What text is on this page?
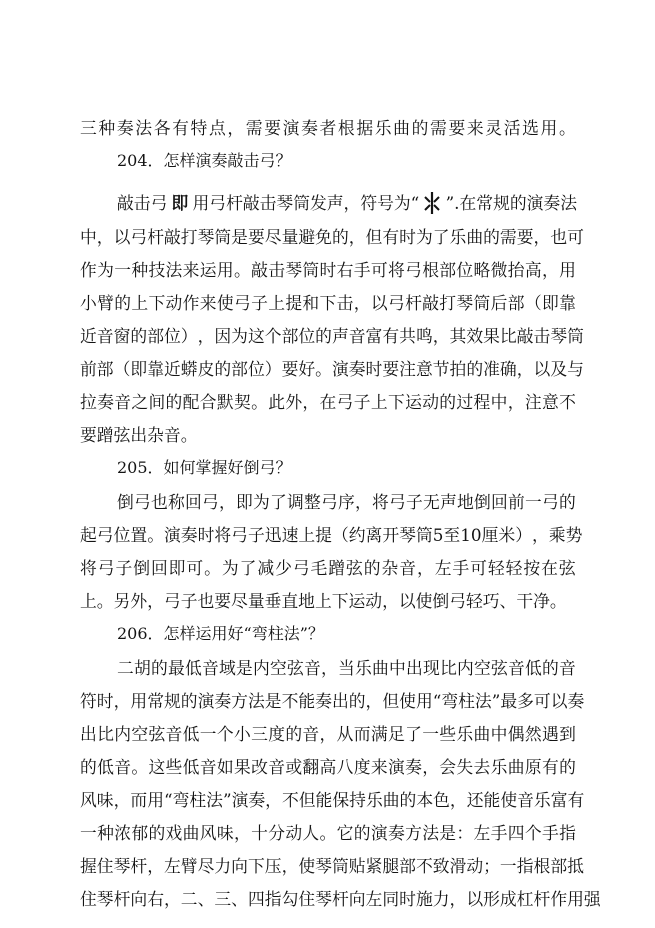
三 种 奏 法 各 有 特 点 ， 需 要 演 奏 者 根 据 乐 曲 的 需 要 来 灵 活 选 用 。
204．怎样演奏敲击弓？
敲击弓 即 用弓杆敲击琴筒发声，符号为“ ”.在常规的演奏法
中 ， 以 弓 杆 敲 打 琴 筒 是 要 尽 量 避 免 的 ， 但 有 时 为 了 乐 曲 的 需 要 ， 也 可
作 为 一 种 技 法 来 运 用 。 敲 击 琴 筒 时 右 手 可 将 弓 根 部 位 略 微 抬 高 ， 用
小 臂 的 上 下 动 作 来 使 弓 子 上 提 和 下 击 ， 以 弓 杆 敲 打 琴 筒 后 部 （ 即 靠
近 音 窗 的 部 位 ） ， 因 为 这 个 部 位 的 声 音 富 有 共 鸣 ， 其 效 果 比 敲 击 琴 筒
前 部 （ 即 靠 近 蟒 皮 的 部 位 ） 要 好 。 演 奏 时 要 注 意 节 拍 的 准 确 ， 以 及 与
拉 奏 音 之 间 的 配 合 默 契 。 此 外 ， 在 弓 子 上 下 运 动 的 过 程 中 ， 注 意 不
要蹭弦出杂音。
205．如何掌握好倒弓？
倒 弓 也 称 回 弓 ， 即 为 了 调 整 弓 序 ， 将 弓 子 无 声 地 倒 回 前 一 弓 的
起 弓 位 置 。 演 奏 时 将 弓 子 迅 速 上 提 （ 约 离 开 琴 筒 5 至 1 0 厘 米 ） ， 乘 势
将 弓 子 倒 回 即 可 。 为 了 减 少 弓 毛 蹭 弦 的 杂 音 ， 左 手 可 轻 轻 按 在 弦
上。另外，弓子也要尽量垂直地上下运动，以使倒弓轻巧、干净。
206．怎样运用好“弯柱法”？
二 胡 的 最 低 音 域 是 内 空 弦 音 ， 当 乐 曲 中 出 现 比 内 空 弦 音 低 的 音
符 时 ， 用 常 规 的 演 奏 方 法 是 不 能 奏 出 的 ， 但 使 用 “ 弯 柱 法 ” 最 多 可 以 奏
出 比 内 空 弦 音 低 一 个 小 三 度 的 音 ， 从 而 满 足 了 一 些 乐 曲 中 偶 然 遇 到
的 低 音 。 这 些 低 音 如 果 改 音 或 翻 高 八 度 来 演 奏 ， 会 失 去 乐 曲 原 有 的
风 味 ， 而 用 “ 弯 柱 法 ” 演 奏 ， 不 但 能 保 持 乐 曲 的 本 色 ， 还 能 使 音 乐 富 有
一 种 浓 郁 的 戏 曲 风 味 ， 十 分 动 人 。 它 的 演 奏 方 法 是 ： 左 手 四 个 手 指
握 住 琴 杆 ， 左 臂 尽 力 向 下 压 ， 使 琴 筒 贴 紧 腿 部 不 致 滑 动 ； 一 指 根 部 抵
住 琴 杆 向 右 ， 二 、 三 、 四 指 勾 住 琴 杆 向 左 同 时 施 力 ， 以 形 成 杠 杆 作 用 强
